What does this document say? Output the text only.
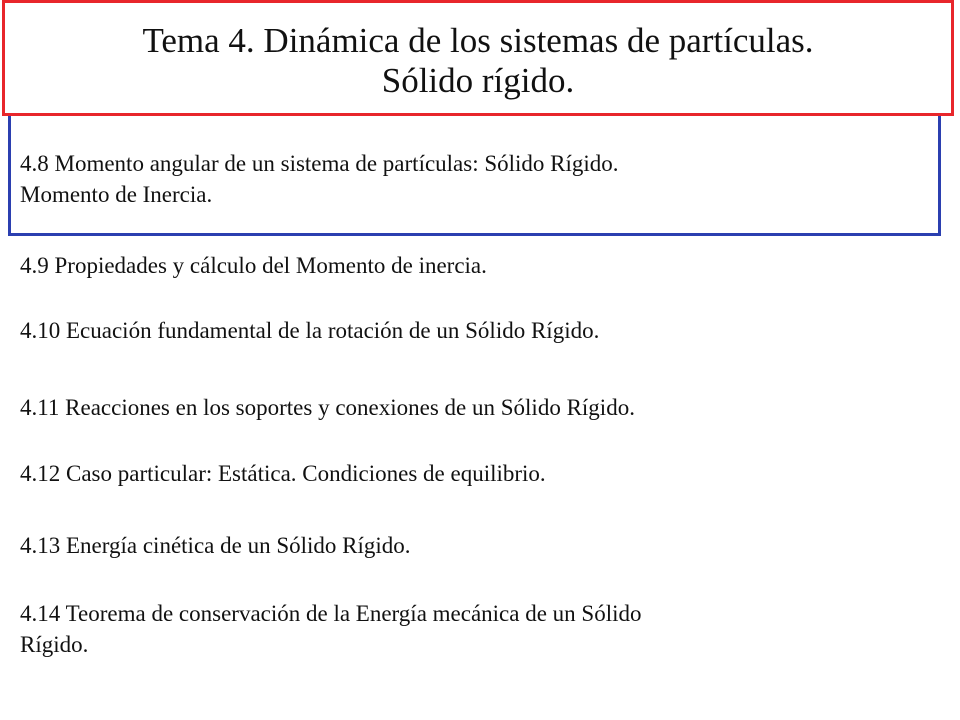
Tema 4. Dinámica de los sistemas de partículas.
Sólido rígido.
4.8 Momento angular de un sistema de partículas: Sólido Rígido.
Momento de Inercia.
4.9 Propiedades y cálculo del Momento de inercia.
4.10 Ecuación fundamental de la rotación de un Sólido Rígido.
4.11 Reacciones en los soportes y conexiones de un Sólido Rígido.
4.12 Caso particular: Estática. Condiciones de equilibrio.
4.13 Energía cinética de un Sólido Rígido.
4.14 Teorema de conservación de la Energía mecánica de un Sólido
Rígido.
